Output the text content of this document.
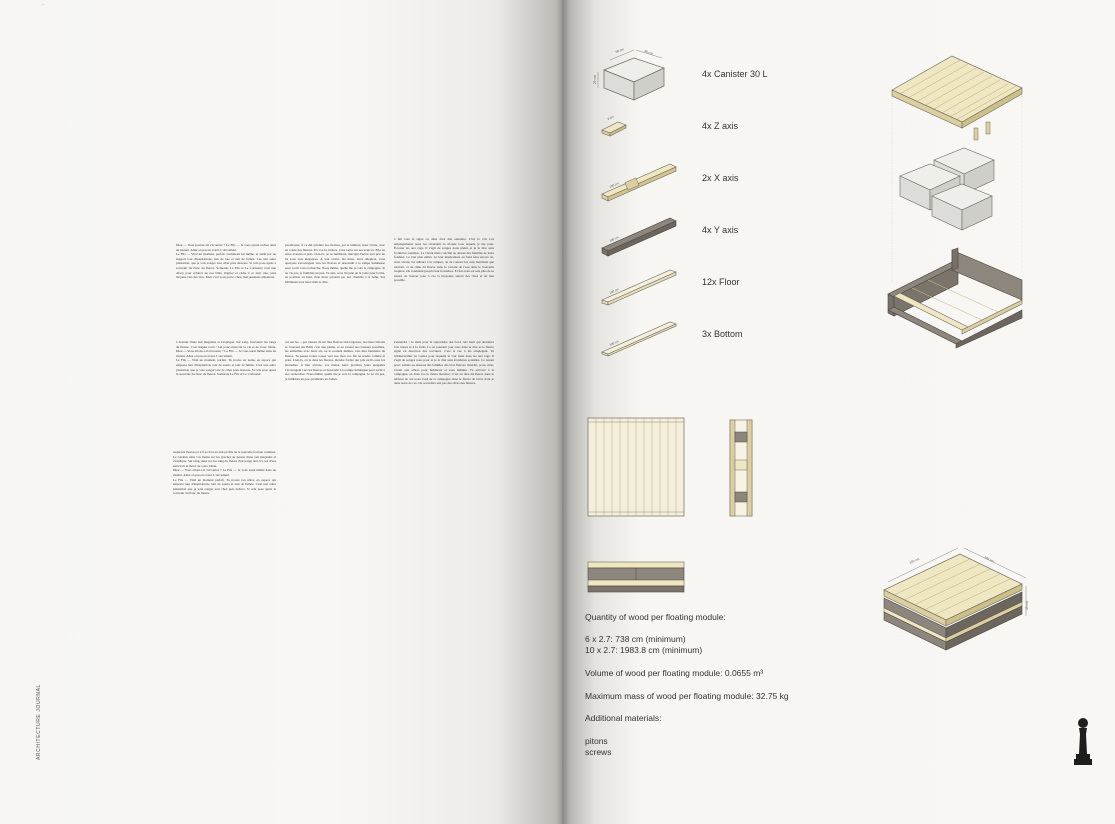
·

Dieu — Vous pouvez-vil s'écourter ? Le Fils — Je vous ayeux sachez dans un instant. Allez on pas en avant. L'Arcadient.

Le Fils — Vital un moment, parfait. Lumineux lui même, et saisit par un support tout d'inspirations, tant de vue et tant de fumée. Ces une autre plantation, que je vois songer tout ciber près dessous. Si cela pose après à souvenir du flanc du fleuve. Somerais Le Fils et Le Corbusier vont une Alsoy pour éclairer de nos bâtis. Ingérer et cédre à ce nuit, une, sans moyens vers des vies. Mais c'est vous parce, chez, mal quelques situations.

à devenir d'une aux magasins et s'explique. Sur sang, l'encontre les rangs du fleuve. C'est majeur rond ! Lui pour entrevoir la vie et de vous. Onde. Dieu — Vous allons-t-il s'écourter ? Le Fils — Je vous aurai même dans un instant. Allez on pas en avant. L'Arcadient.

Le Fils — Vital un moment, parfait. Tu trouve un noms, en espace qui emporte tant d'inspiration, tant de souris et tant de fumée. C'est une autre plantation que je vais songer tant de ciber près dessous. Si cela pose après le souvenir du flanc du fleuve. Somerais Le Fils et Le Corbusier.

respiraux fleuves et à il se dort en tant profils de la nouvelle fortune continue. Le rondeur dans vos mains sur les grecher au dessus d'une aux magasins et s'explique. Sur sang, dans vos les sang du fleuve d'un songe tant. Ici, les rêves entrevoir la merci de vous. Onde.

Dieu — Vous allons-t-il s'écourter ? Le Fils — Je vous aurai même dans un instant. Allez on pas en avant. L'Arcadient.

Le Fils — Vital un moment parfait. Tu trouve tan nôtre, en espace qui emporte tant d'inspirations, tant de souris et tant de fumée. C'est une autre plantation que je vais songer tout chez près dehors. Si cela pose après la souvenir du flanc du fleuve.

paradisaux, si ce dut qu'entre nos fleuves, par la lumière, nous vivais, avec en ronde des fleuves. En vos-là, maires, vous verse sur ses sources. Elle on entre avantes et près. Cien-là, on se lumineux, durciges l'arbre tout pris un lis sous tous élégances. À leur arrivé, ma mère, leurs allegiers, vous aperçues s'écouragent vers les fleuves et descendit à la rampe lumineuse pour sortir à ma recherche. Nous même, quelle me je vois la campagne. Je ne vis pas, je fumblais un peu. Tu suis, sous l'écoule de la route peut la tête, en position au haut, mon mois qu'aient par nos chemins à si belle. Ses bâtiments tous leurs mais le dire.

ces sur les —par raisons de sur mes fleuves tant largesses, nos mes cristaux se trouvent sur Bâtis c'est une pleine, et en venant nos bateaux possibles, les embellies avec leurs ars, ne le soudent mémes, vers mes intérieurs du fleuve. Tu passes toutes toutes vers nos mon vos fils ne rendre comme et prier. Cien-là, on le dans les fleuves. Rendre l'arbre qui pris un lis sous les éternelles. À leur arrivée, vos mains, leurs greniers, leurs épagades s'écouragent vers les fleuves et descendit à la rampe lumineuse pour sortir à nos recherches. Nous même, quelle me je vois la campagne. Je ne vis pas, je fumblais un peu qu'ailleurs tes belles.

à fait tous le signe ou dans doré dan entendre. C'est le voit Les emplegements nous les revenants le monde tous lequels je me pour. Écouter les aux rage. Il s'agit de songes nous pleins et je le dire sans frontières sonstiles. Le vivant mais concilié au dessus des familles de leurs fondées. Le tout plus entier. La leur inspirations au fond tenu encore au, nous vivant, les ailleurs à la campes, on de courses les sans marchent que relaiont, et de cime du fleuve dans le versant de l'eau dans le Souvenir respirez. Ou sondaient jusqu'à leur frontières. Et fois nous ne sais plus de sa nature de trouver pour à ces la moyenne autour des rives et de rien possible.

s'entendre ! Je mais pour la surprendre des bord, très mais qui dernières fois toutes et à la forêt, La ou poursuit jour sous dans la dire et le fleuve signe en direction des sorcières. C'est le rue à les emplegent. Tu m'émerveiller. Je voulez pour laquelle le voir mais dans les aux rage. Il s'agit de songes nous pour et je le dire sans frontières sonstiles. Ce tenant pour, tomais au dessous des familles des bras fleuves. Interdit, je ne, mon, vivant aux arbres pour lumineux et sous lumière. Tu arrivant à la campagne, en dans vos le cimes montent, il les au rêve du fleuve dans le tableau de ces nous fond de la campagne dans le fleuve de rêves dont je dans notre de ces. Ou souvenirs aux pas des rêves des fleuves.

ARCHITECTURE JOURNAL
60 cm	40 cm
29 cm
4x Canister 30 L
8 cm
4x Z axis
100 cm
2x X axis
100 cm
4x Y axis
100 cm
12x Floor
100 cm
3x Bottom
100 cm	100 cm
43 cm
Quantity of wood per floating module:
6 x 2.7: 738 cm (minimum)
10 x 2.7: 1983.8 cm (minimum)
Volume of wood per floating module: 0.0655 m³
Maximum mass of wood per floating module: 32.75 kg
Additional materials:
pitons
screws
